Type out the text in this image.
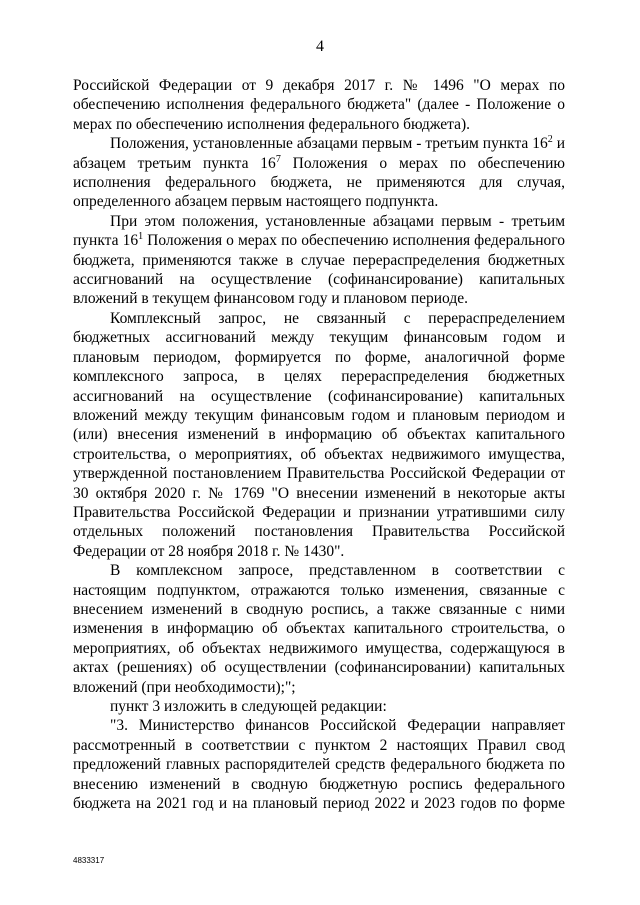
4

Российской Федерации от 9 декабря 2017 г. № 1496 "О мерах по обеспечению исполнения федерального бюджета" (далее - Положение о мерах по обеспечению исполнения федерального бюджета).

Положения, установленные абзацами первым - третьим пункта $16^2$ и абзацем третьим пункта $16^7$ Положения о мерах по обеспечению исполнения федерального бюджета, не применяются для случая, определенного абзацем первым настоящего подпункта.

При этом положения, установленные абзацами первым - третьим пункта $16^1$ Положения о мерах по обеспечению исполнения федерального бюджета, применяются также в случае перераспределения бюджетных ассигнований на осуществление (софинансирование) капитальных вложений в текущем финансовом году и плановом периоде.

Комплексный запрос, не связанный с перераспределением бюджетных ассигнований между текущим финансовым годом и плановым периодом, формируется по форме, аналогичной форме комплексного запроса, в целях перераспределения бюджетных ассигнований на осуществление (софинансирование) капитальных вложений между текущим финансовым годом и плановым периодом и (или) внесения изменений в информацию об объектах капитального строительства, о мероприятиях, об объектах недвижимого имущества, утвержденной постановлением Правительства Российской Федерации от 30 октября 2020 г. № 1769 "О внесении изменений в некоторые акты Правительства Российской Федерации и признании утратившими силу отдельных положений постановления Правительства Российской Федерации от 28 ноября 2018 г. № 1430".

В комплексном запросе, представленном в соответствии с настоящим подпунктом, отражаются только изменения, связанные с внесением изменений в сводную роспись, а также связанные с ними изменения в информацию об объектах капитального строительства, о мероприятиях, об объектах недвижимого имущества, содержащуюся в актах (решениях) об осуществлении (софинансировании) капитальных вложений (при необходимости);";

пункт 3 изложить в следующей редакции:

"3. Министерство финансов Российской Федерации направляет рассмотренный в соответствии с пунктом 2 настоящих Правил свод предложений главных распорядителей средств федерального бюджета по внесению изменений в сводную бюджетную роспись федерального бюджета на 2021 год и на плановый период 2022 и 2023 годов по форме

4833317
